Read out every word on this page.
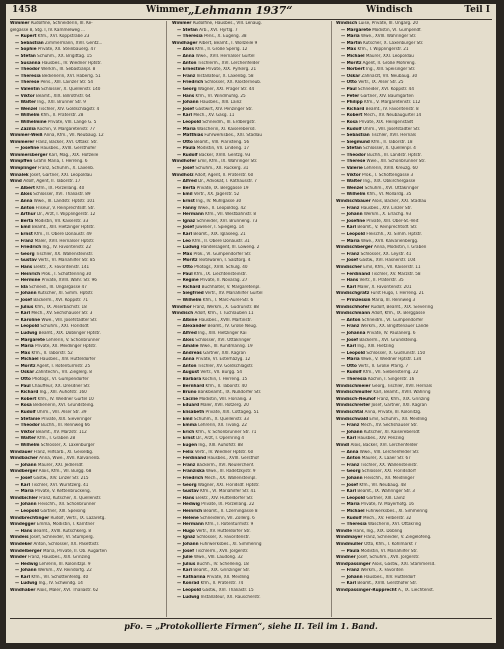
1458	Wimmer „Lehmann 1937“	Windisch	Teil I
Wimmer Rudolfine, Schneiderin, III. Ke-
gelgasse 8, Stg. I, IV. Kammelweg ...
— Rupert Kfm., XVI. Koppstraße 23
— Sebastian Zimmermann, XVII. Gentz...
— Sophie Private, XII. Steinbauerg. 47
— Stefan Schuhm., XX. Brigittag. 15
— Susanna Hausbes., IV. Wiedner Hptstr.
— Theodor Werkm., III. Sebastianpl. 8
— Theresia Bedienerin, XVI. Haberlg. 51
— Therese Pens., XIII. Lainzer Str. 54
— Valentin Schlosser, X. Quellenstr. 140
— Viktor Beamt., XIX. Billrothstr. 64
— Walter Ing., XXI. Brünner Str. 9
— Wenzel Tischler, XIV. Goldschlagstr. 4
— Wilhelm Kfm., II. Praterstr. 28
— Wilhelmine Private, VIII. Lange G. 5
— Zäzilia Köchin, V. Margaretenstr. 77
Wimmer-Weiß Anna, Kfm., VII. Neubaug. 12
Wimmerer Franz, Bäcker, XVI. Ottakr. Str.
— Josefine Hausbes., XVIII. Gersthofer
Wimmersberger Karl, Mag., XIX. Hofzeile
Wimpffen Gräfin Maria, I. Herreng. 6
Wimplinger Franz, Schuhm., X. Laxenb.
Winalek Josef, Gärtner, XXI. Leopoldau
Wind Adolf, Agent, II. Taborstr. 17
— Albert Kfm., IX. Porzellang. 40
— Alois Schlosser, XVI. Thaliastr. 89
— Anna Wwe., III. Landstr. Hptstr. 101
— Anton Friseur, V. Reinprechtsdf. Str.
— Arthur Dr., Arzt, I. Wipplingerstr. 12
— Berta Modistin, VII. Kaiserstr. 33
— Emil Beamt., XIII. Hietzinger Hptstr.
— Ernst Kfm., II. Obere Donaustr. 49
— Franz Maler, XVII. Hernalser Hptstr.
— Friedrich Ing., IV. Favoritenstr. 22
— Georg Tischler, XX. Wallensteinstr.
— Gustav Vertr., VI. Mariahilfer Str. 85
— Hans Elektr., X. Favoritenstr. 141
— Heinrich Prok., I. Schottenring 30
— Hermine Private, XVIII. Währ. Str. 96
— Ida Schneid., III. Ungargasse 47
— Johann Kutscher, XI. Simm. Hptstr.
— Josef Bäckerm., XVI. Koppstr. 71
— Julius Kfm., IX. Alserbachstr. 18
— Karl Mech., XV. Sechshauser Str. 3
— Karoline Wwe., VIII. Josefstädter Str.
— Leopold Schuhm., XXI. Floridsdf.
— Ludwig Beamt., XIX. Döblinger Hptstr.
— Margarete Lehrerin, V. Schönbrunner
— Maria Private, XII. Meidlinger Hptstr.
— Max Kfm., II. Taborstr. 52
— Michael Hausbes., XIV. Hütteldorfer
— Moritz Agent, I. Rotenturmstr. 25
— Oskar Zahntechn., VII. Zieglerg. 8
— Otto Photogr., VI. Gumpendorfer
— Paul Chauffeur, XX. Dresdner Str.
— Richard Ing., XIII. Auhofstr. 160
— Robert Kfm., IV. Wiedner Gürtel 10
— Rosa Bedienerin, XVI. Grundsteing.
— Rudolf Uhrm., VIII. Alser Str. 39
— Stefanie Private, XIX. Sieveringer
— Theodor Buchh., III. Rennweg 66
— Viktor Beamt., XV. Märzstr. 112
— Walter Kfm., I. Graben 28
— Wilhelm Schlosser, X. Laxenburger
Windauer Franz, Hilfsarb., XI. Geiselbg.
Windbacher Anna, Wwe., XVII. Kalvarienb.
— Johann Maurer, XXI. Jedlersdf.
Windberger Alois, Kfm., VII. Burgg. 68
— Josef Gastw., XIV. Linzer Str. 215
— Karl Tischler, XVI. Wurlitzerg. 41
— Maria Private, V. Kettenbrückeng.
Windbichler Franz, Kutscher, X. Quellenstr.
— Johann Fleischh., XII. Schönbrunner
— Leopold Gärtner, XIII. Speising
Windbrechtinger Rudolf, Vertr., IX. Lazaretg.
Windegger Emma, Modistin, I. Kärntner
— Hans Beamt., XVIII. Kutschkerg. 8
Windeis Josef, Schneider, VI. Stumperg.
Windeker Anton, Schlosser, XX. Pasettistr.
Windelberger Maria, Private, II. Ob. Augarten
Winder Franz, Hausbes., XIX. Grinzing
— Hedwig Lehrerin, III. Kolonitzpl. 9
— Johann Werkm., XV. Reindorfg. 22
— Karl Kfm., VII. Schottenfeldg. 40
— Ludwig Ing., IV. Schwindg. 14
Windhaber Alois, Maler, XVI. Thaliastr. 62
Wimmer Rudolfine, Hausbes., VIII. Lenaug.
— Stefan Arb., XVI. Hyrtlg. 7
— Theresia Pens., X. Eugeng. 38
Windhager Albert, Beamt., I. Wollzeile 9
— Alois Kfm., II. Große Sperlg. 12
— Anna Wwe., XVII. Hernalser Gürtel
— Anton Tischlerm., XVI. Lerchenfelder
— Ernestine Private, XIX. Pyrkerg. 21
— Franz Installateur, X. Laxenbg. 58
— Friedrich Schlosser, XX. Klosterneub.
— Georg Wagner, XXI. Prager Str. 44
— Hans Kfm., VI. Windmühlg. 25
— Johann Hausbes., XIII. Lainz
— Josef Gastwirt, XIV. Penzinger Str.
— Karl Mech., XV. Gasg. 11
— Leopold Schneidm., III. Erdbergstr.
— Maria Wäscherin, XI. Kaiserebersd.
— Matthias Fuhrwerksbes., XXI. Stadlau
— Otto Beamt., VIII. Piaristeng. 56
— Paula Modistin, VII. Lindeng. 17
— Rudolf Bäcker, XVIII. Gentzg. 93
Windhofer Emil, Kfm., IX. Währinger Str.
— Josef Schuhm., XII. Ruckerg. 31
Windholz Adolf, Agent, II. Praterstr. 60
— Alfred Dr., Advokat, I. Rathausstr. 7
— Berta Private, IX. Berggasse 19
— Emil Vertr., XX. Jägerstr. 52
— Ernst Ing., IV. Mühlgasse 30
— Fanny Wwe., II. Leopoldsg. 42
— Hermann Kfm., VII. Westbahnstr. 8
— Ignaz Schneider, XVI. Brunneng. 73
— Josef Juwelier, I. Spiegelg. 14
— Karl Beamt., XIX. Iglaseeg. 21
— Leo Kfm., II. Obere Donaustr. 31
— Ludwig Handelsagent, III. Löweng. 2
— Max Prok., VI. Gumpendorfer Str.
— Moritz Textilwaren, I. Salztorg. 4
— Otto Photogr., XVIII. Schulg. 40
— Paul Kfm., IX. Liechtensteinstr.
— Regine Private, II. Novarag. 27
— Richard Buchhalter, V. Margaretenpl.
— Siegfried Vertr., XV. Mariahilfer Gürtel
— Wilhelm Kfm., I. Marc-Aurel-Str. 6
Windhör Franz, Werkm., X. Gudrunstr. 88
Windisch Adolf, Kfm., I. Tuchlauben 11
— Albine Hausbes., XVIII. Martinstr.
— Alexander Beamt., IV. Große Neug.
— Alfred Ing., XIII. Hietzinger Kai
— Alois Schlosser, XVI. Ottakringer
— Amalie Wwe., III. Kundmanng. 19
— Andreas Gärtner, XXI. Kagran
— Anna Private, VI. Esterházyg. 12
— Anton Tischler, XV. Goldschlagstr.
— August Vertr., VII. Burgg. 54
— Barbara Köchin, I. Herreng. 15
— Bernhard Kfm., II. Taborstr. 40
— Bruno Bankbeamt., IX. Nußdorfer Str.
— Cäcilie Modistin, VIII. Florianig. 3
— Eduard Maler, XVII. Rötzerg. 20
— Elisabeth Private, XIX. Cottageg. 51
— Emil Schuhm., X. Quellenstr. 33
— Emma Lehrerin, XII. Tivolig. 22
— Erich Kfm., V. Schönbrunner Str. 71
— Ernst Dr., Arzt, I. Opernring 4
— Eugen Ing., XIII. Auhofstr. 88
— Felix Vertr., IV. Wiedner Hptstr. 60
— Ferdinand Hausbes., XVIII. Gersthof
— Franz Bäckerm., XVI. Neulerchenf.
— Franziska Wwe., III. Radetzkystr. 9
— Friedrich Mech., XX. Wallensteinpl.
— Georg Wagner, XXI. Floridsdf. Hptstr.
— Gustav Kfm., VI. Mariahilfer Str. 41
— Hans Elektr., XIV. Hütteldorfer Str.
— Hedwig Private, IX. Porzellang. 22
— Heinrich Beamt., II. Czerningasse 8
— Helene Schneiderin, VII. Zollerg. 6
— Hermann Kfm., I. Rotenturmstr. 9
— Hugo Vertr., XV. Hütteldorfer Str.
— Ignaz Schlosser, X. Favoritenstr.
— Johann Fuhrwerksbes., XI. Simmering
— Josef Tischlerm., XVII. Jörgerstr.
— Julie Wwe., VIII. Laudong. 32
— Julius Buchh., IV. Schelleing. 18
— Karl Beamt., XIX. Grinzinger Str.
— Katharina Private, XII. Meidling
— Konrad Kfm., II. Praterstr. 74
— Leopold Gastw., XVI. Thaliastr. 15
— Ludwig Installateur, XX. Rauscherstr.
Windisch Luise, Private, III. Ungarg. 20
— Margarete Modistin, VI. Gumpendf.
— Maria Wwe., XVIII. Währinger Str.
— Martin Kutscher, X. Laxenburger Str.
— Max Kfm., I. Wipplingerstr. 21
— Michael Maurer, XXI. Leopoldau
— Moritz Agent, II. Große Mohreng.
— Norbert Ing., XIII. Speisinger Str.
— Oskar Zahnarzt, VII. Neubaug. 30
— Otto Vertr., IX. Alser Str. 25
— Paul Schneider, XVI. Koppstr. 44
— Peter Gärtner, XIV. Baumgarten
— Philipp Kfm., V. Margaretenstr. 112
— Richard Beamt., IV. Favoritenstr. 8
— Robert Mech., XV. Neubaugürtel 14
— Rosa Private, XIX. Heiligenstadt
— Rudolf Uhrm., VIII. Josefstädter Str.
— Sebastian Tischler, XVII. Hernals
— Siegmund Kfm., II. Taborstr. 18
— Stefan Schlosser, X. Quellenpl. 4
— Theodor Buchh., III. Landstr. Hptstr.
— Therese Wwe., XII. Schönbrunner Str.
— Valerie Lehrerin, XVIII. Kreuzg. 60
— Viktor Prok., I. Schottengasse 3
— Walter Ing., XIX. Obkirchergasse
— Wenzel Schuhm., XVI. Ottakringer
— Wilhelm Kfm., VI. Mollardg. 35
Windischbauer Alois, Bäcker, XXI. Stadlau
— Franz Hausbes., XIV. Linzer Str.
— Johann Werkm., X. Erlachg. 93
— Josefine Private, XIII. Ober-St.-Veit
— Karl Beamt., V. Reinprechtsdf. Str.
— Leopold Fleischh., XI. Simm. Hptstr.
— Maria Wwe., XVII. Kalvarienbergg.
Windischberger Anna, Modistin, I. Graben
— Franz Schlosser, XX. Leystr. 41
— Josef Gastw., XVI. Hasnerstr. 104
Windischer Emil, Kfm., VII. Kaiserstr. 11
— Ferdinand Tischler, XV. Märzstr. 58
— Hans Vertr., II. Praterstr. 35
— Karl Maler, X. Favoritenstr. 201
Windischgrätz Fürst Hugo, I. Herreng. 21
— Prinzessin Maria, III. Rennweg 3
Windischhofer Rudolf, Beamt., XIX. Sievering
Windischmann Adolf, Kfm., IX. Berggasse
— Anton Schneidm., VI. Gumpendorfer
— Franz Werkm., XX. Brigittenauer Lände
— Johanna Private, IV. Paulanerg. 6
— Josef Bäckerm., XVI. Grundsteing.
— Karl Ing., XIII. Hietzing
— Leopold Schlosser, X. Gudrunstr. 150
— Maria Wwe., V. Wiedner Hptstr. 134
— Otto Vertr., II. Große Pfarrg. 7
— Rudolf Kfm., VII. Siebensterng. 22
— Theresia Köchin, I. Singerstr. 16
Windischmeier Georg, Tischler, XVII. Hernals
Windischmüller Karl, Beamt., XVIII. Währing
Windisch-Neuhof Franz, Kfm., XIX. Grinzing
Windischreiter Josef, Gärtner, XXI. Kagran
Windischtal Anna, Private, III. Kolonitzg.
Windischwald Emil, Schuhm., XII. Meidling
— Franz Mech., XV. Sechshauser Str.
— Johann Kutscher, XI. Kaiserebersdf.
— Karl Hausbes., XIV. Penzing
Windl Alois, Bäcker, XVI. Lerchenfelder
— Anna Wwe., VIII. Lerchenfelder Str.
— Anton Maurer, X. Laaer Str. 67
— Franz Tischler, XX. Wallensteinstr.
— Georg Schlosser, XXI. Floridsdorf
— Johann Fleischh., XII. Meidlinger
— Josef Kfm., VII. Neubaug. 48
— Karl Beamt., IX. Währinger Str. 3
— Leopold Gärtner, XIII. Lainz
— Maria Private, IV. Mayerhofg. 16
— Michael Fuhrwerksbes., XI. Simmering
— Rudolf Mech., XV. Felberstr. 32
— Theresia Wäscherin, XVI. Ottakring
Windle Hans, Ing., XIX. Döbling
Windmayer Franz, Schneider, V. Ziegelofeng.
Windmüller Otto, Kfm., I. Kohlmarkt 7
— Paula Modistin, VI. Mariahilfer Str.
Windner Josef, Schuhm., XVII. Jörgerstr.
Windpassinger Alois, Gastw., XXI. Stammersd.
— Franz Werkm., X. Favoriten
— Johann Hausbes., XIV. Hütteldorf
— Karl Beamt., XVIII. Gersthofer Str.
Windpassinger-Rupprecht A., IX. Liechtenst.
pFo. = „Protokollierte Firmen“, siehe II. Teil im 1. Band.
